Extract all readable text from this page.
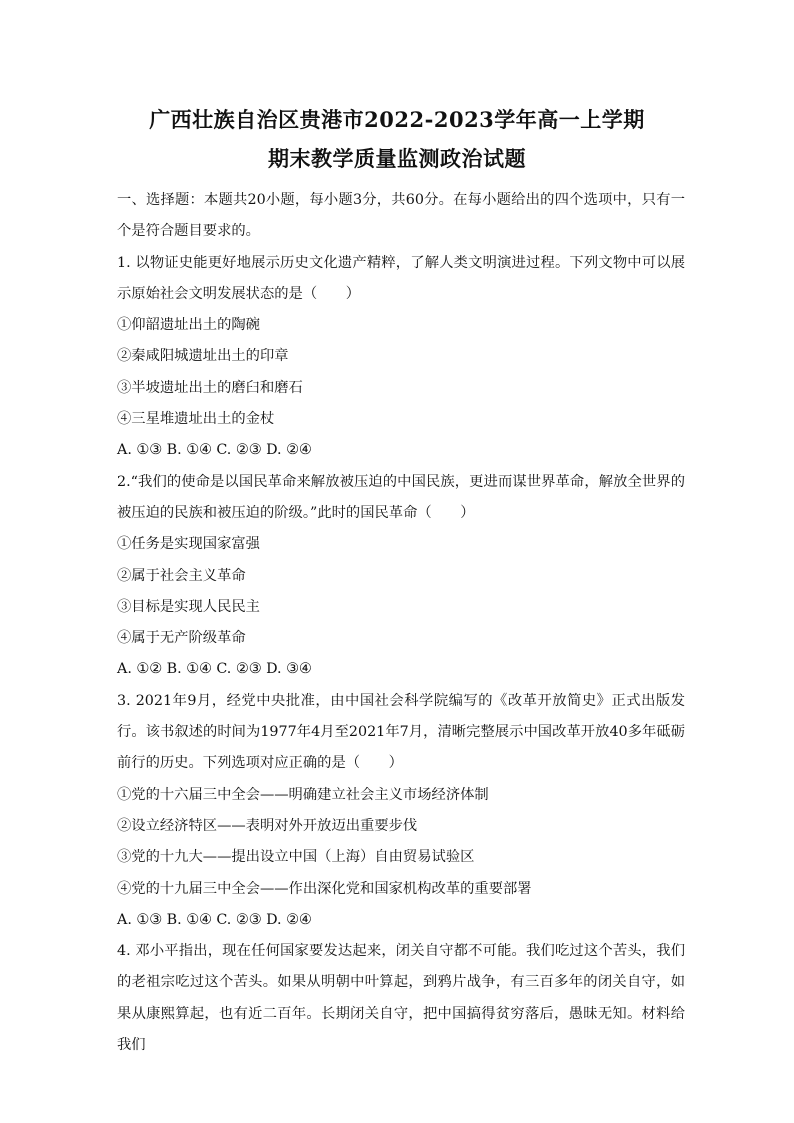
广西壮族自治区贵港市2022-2023学年高一上学期
期末教学质量监测政治试题

一、选择题：本题共20小题，每小题3分，共60分。在每小题给出的四个选项中，只有一个是符合题目要求的。

1. 以物证史能更好地展示历史文化遗产精粹，了解人类文明演进过程。下列文物中可以展示原始社会文明发展状态的是（　　）

①仰韶遗址出土的陶碗

②秦咸阳城遗址出土的印章

③半坡遗址出土的磨臼和磨石

④三星堆遗址出土的金杖

A. ①③ B. ①④ C. ②③ D. ②④

2.“我们的使命是以国民革命来解放被压迫的中国民族，更进而谋世界革命，解放全世界的被压迫的民族和被压迫的阶级。”此时的国民革命（　　）

①任务是实现国家富强

②属于社会主义革命

③目标是实现人民民主

④属于无产阶级革命

A. ①② B. ①④ C. ②③ D. ③④

3. 2021年9月，经党中央批准，由中国社会科学院编写的《改革开放简史》正式出版发行。该书叙述的时间为1977年4月至2021年7月，清晰完整展示中国改革开放40多年砥砺前行的历史。下列选项对应正确的是（　　）

①党的十六届三中全会——明确建立社会主义市场经济体制

②设立经济特区——表明对外开放迈出重要步伐

③党的十九大——提出设立中国（上海）自由贸易试验区

④党的十九届三中全会——作出深化党和国家机构改革的重要部署

A. ①③ B. ①④ C. ②③ D. ②④

4. 邓小平指出，现在任何国家要发达起来，闭关自守都不可能。我们吃过这个苦头，我们的老祖宗吃过这个苦头。如果从明朝中叶算起，到鸦片战争，有三百多年的闭关自守，如果从康熙算起，也有近二百年。长期闭关自守，把中国搞得贫穷落后，愚昧无知。材料给我们
